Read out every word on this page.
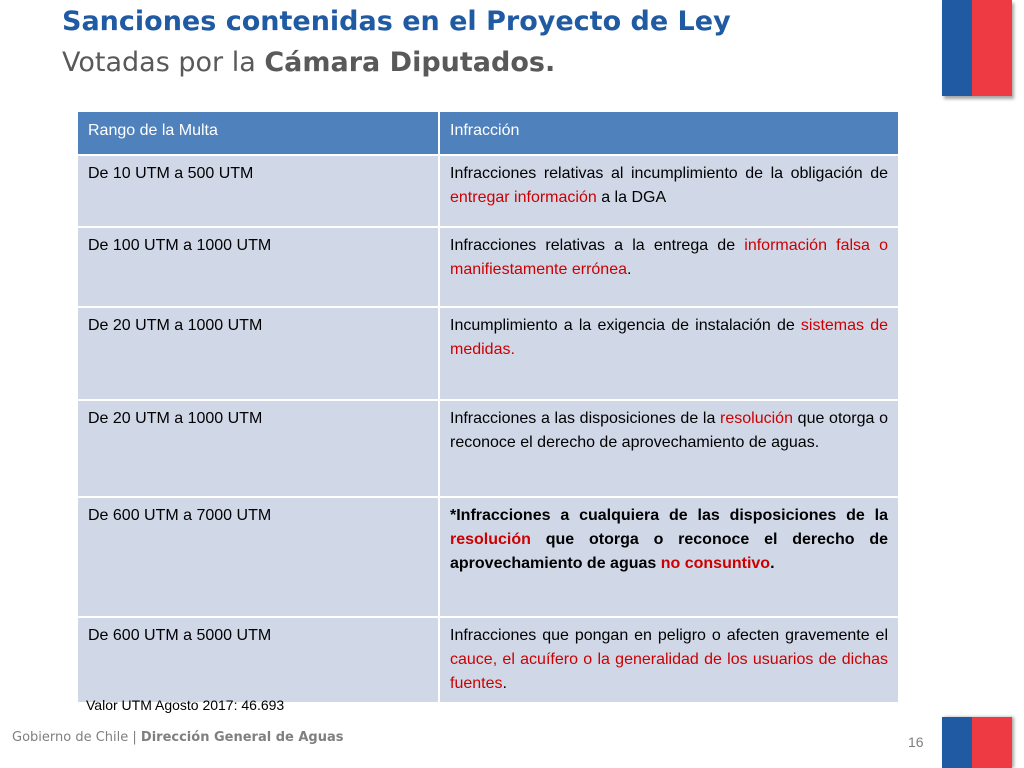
Sanciones contenidas en el Proyecto de Ley
Votadas por la Cámara Diputados.
Rango de la Multa	Infracción
De 10 UTM a 500 UTM	Infracciones relativas al incumplimiento de la obligación de entregar información a la DGA
De 100 UTM a 1000 UTM	Infracciones relativas a la entrega de información falsa o manifiestamente errónea.
De 20 UTM a 1000 UTM	Incumplimiento a la exigencia de instalación de sistemas de medidas.
De 20 UTM a 1000 UTM	Infracciones a las disposiciones de la resolución que otorga o reconoce el derecho de aprovechamiento de aguas.
De 600 UTM a 7000 UTM	*Infracciones a cualquiera de las disposiciones de la resolución que otorga o reconoce el derecho de aprovechamiento de aguas no consuntivo.
De 600 UTM a 5000 UTM	Infracciones que pongan en peligro o afecten gravemente el cauce, el acuífero o la generalidad de los usuarios de dichas fuentes.

Valor UTM Agosto 2017: 46.693

Gobierno de Chile | Dirección General de Aguas	16
